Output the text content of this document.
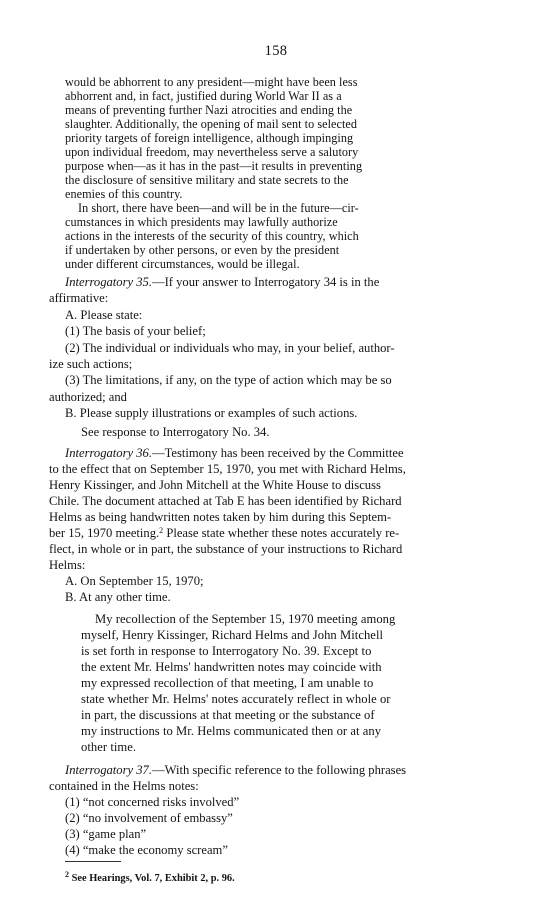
158
would be abhorrent to any president—might have been less
abhorrent and, in fact, justified during World War II as a
means of preventing further Nazi atrocities and ending the
slaughter. Additionally, the opening of mail sent to selected
priority targets of foreign intelligence, although impinging
upon individual freedom, may nevertheless serve a salutory
purpose when—as it has in the past—it results in preventing
the disclosure of sensitive military and state secrets to the
enemies of this country.
In short, there have been—and will be in the future—cir-
cumstances in which presidents may lawfully authorize
actions in the interests of the security of this country, which
if undertaken by other persons, or even by the president
under different circumstances, would be illegal.
Interrogatory 35.—If your answer to Interrogatory 34 is in the
affirmative:
A. Please state:
(1) The basis of your belief;
(2) The individual or individuals who may, in your belief, author-
ize such actions;
(3) The limitations, if any, on the type of action which may be so
authorized; and
B. Please supply illustrations or examples of such actions.
See response to Interrogatory No. 34.
Interrogatory 36.—Testimony has been received by the Committee
to the effect that on September 15, 1970, you met with Richard Helms,
Henry Kissinger, and John Mitchell at the White House to discuss
Chile. The document attached at Tab E has been identified by Richard
Helms as being handwritten notes taken by him during this Septem-
ber 15, 1970 meeting.$^2$ Please state whether these notes accurately re-
flect, in whole or in part, the substance of your instructions to Richard
Helms:
A. On September 15, 1970;
B. At any other time.
My recollection of the September 15, 1970 meeting among
myself, Henry Kissinger, Richard Helms and John Mitchell
is set forth in response to Interrogatory No. 39. Except to
the extent Mr. Helms' handwritten notes may coincide with
my expressed recollection of that meeting, I am unable to
state whether Mr. Helms' notes accurately reflect in whole or
in part, the discussions at that meeting or the substance of
my instructions to Mr. Helms communicated then or at any
other time.
Interrogatory 37.—With specific reference to the following phrases
contained in the Helms notes:
(1) “not concerned risks involved”
(2) “no involvement of embassy”
(3) “game plan”
(4) “make the economy scream”
$^2$ See Hearings, Vol. 7, Exhibit 2, p. 96.
